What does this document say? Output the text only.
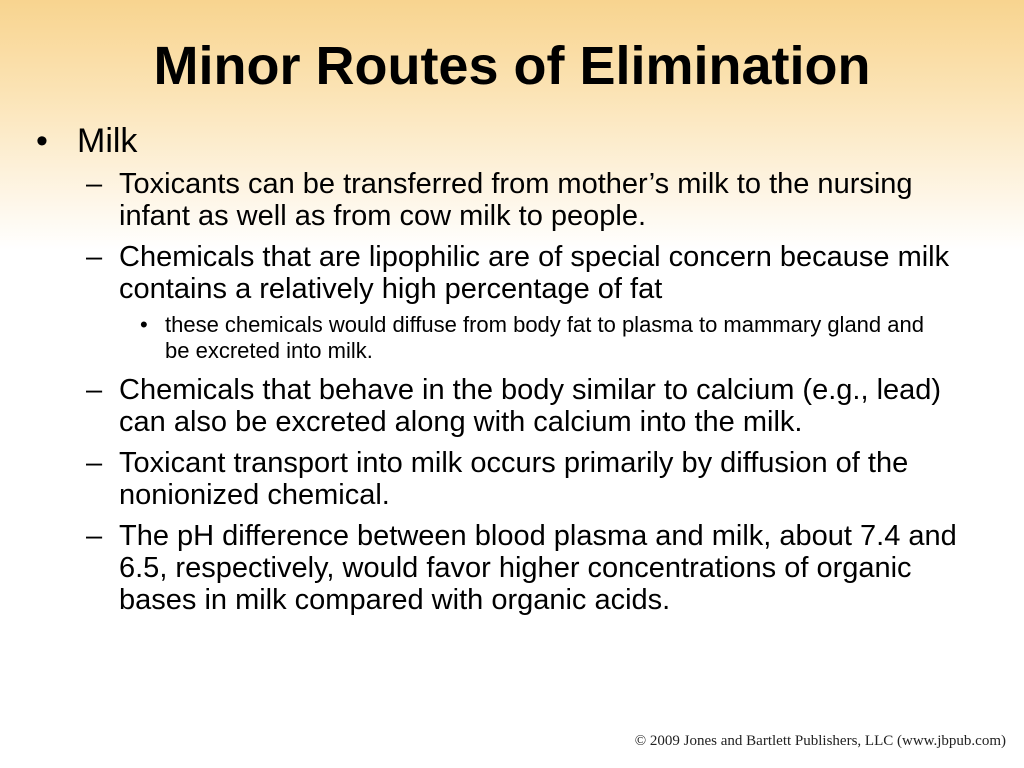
Minor Routes of Elimination
• Milk
– Toxicants can be transferred from mother’s milk to the nursing infant as well as from cow milk to people.
– Chemicals that are lipophilic are of special concern because milk contains a relatively high percentage of fat
• these chemicals would diffuse from body fat to plasma to mammary gland and be excreted into milk.
– Chemicals that behave in the body similar to calcium (e.g., lead) can also be excreted along with calcium into the milk.
– Toxicant transport into milk occurs primarily by diffusion of the nonionized chemical.
– The pH difference between blood plasma and milk, about 7.4 and 6.5, respectively, would favor higher concentrations of organic bases in milk compared with organic acids.
© 2009 Jones and Bartlett Publishers, LLC (www.jbpub.com)
